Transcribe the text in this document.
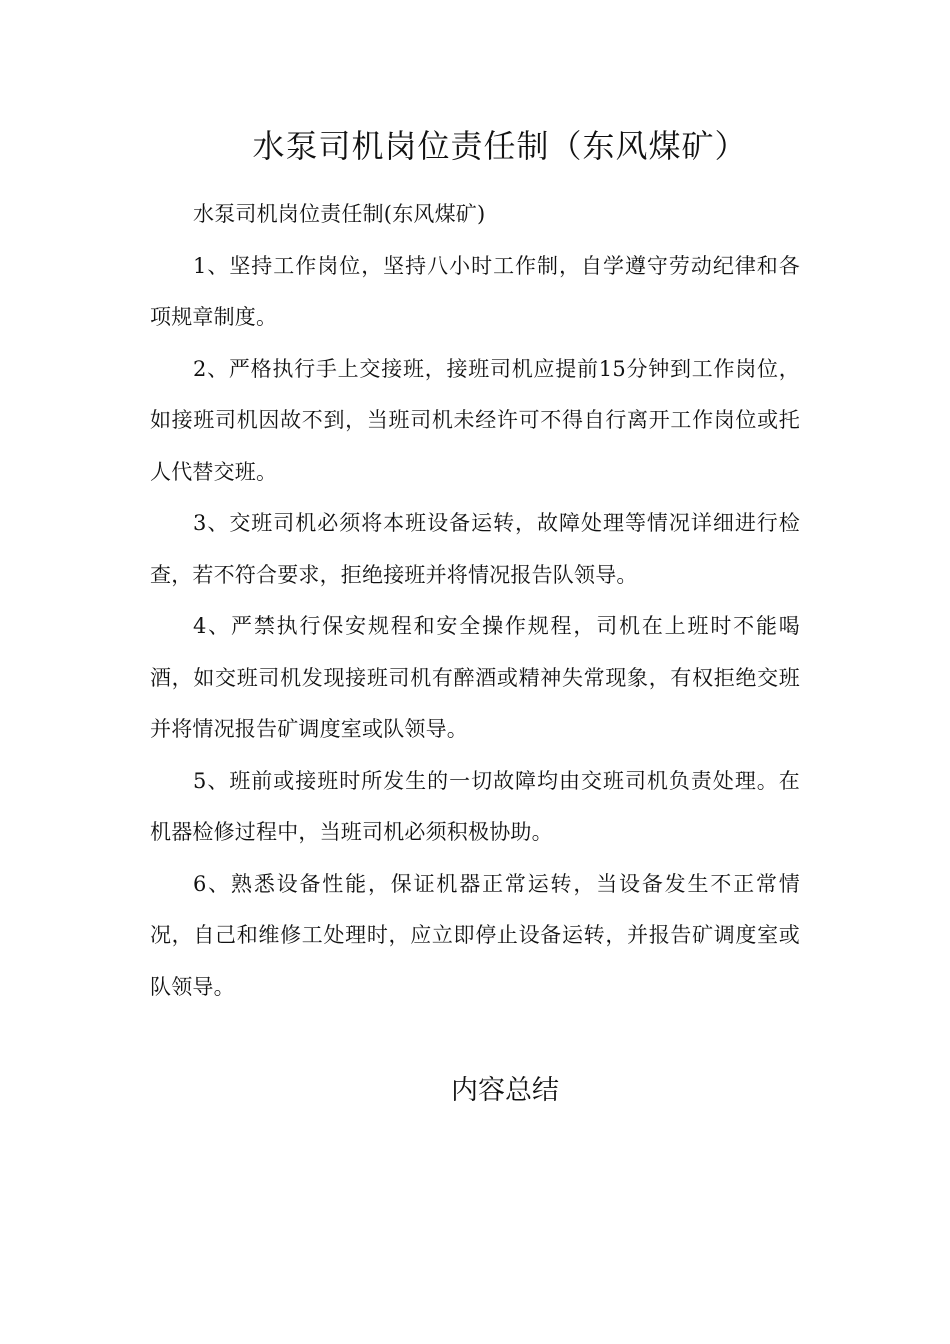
水泵司机岗位责任制（东风煤矿）

水泵司机岗位责任制(东风煤矿)

1、坚持工作岗位，坚持八小时工作制，自学遵守劳动纪律和各项规章制度。

2、严格执行手上交接班，接班司机应提前15分钟到工作岗位，如接班司机因故不到，当班司机未经许可不得自行离开工作岗位或托人代替交班。

3、交班司机必须将本班设备运转，故障处理等情况详细进行检查，若不符合要求，拒绝接班并将情况报告队领导。

4、严禁执行保安规程和安全操作规程，司机在上班时不能喝酒，如交班司机发现接班司机有醉酒或精神失常现象，有权拒绝交班并将情况报告矿调度室或队领导。

5、班前或接班时所发生的一切故障均由交班司机负责处理。在机器检修过程中，当班司机必须积极协助。

6、熟悉设备性能，保证机器正常运转，当设备发生不正常情况，自己和维修工处理时，应立即停止设备运转，并报告矿调度室或队领导。

内容总结
